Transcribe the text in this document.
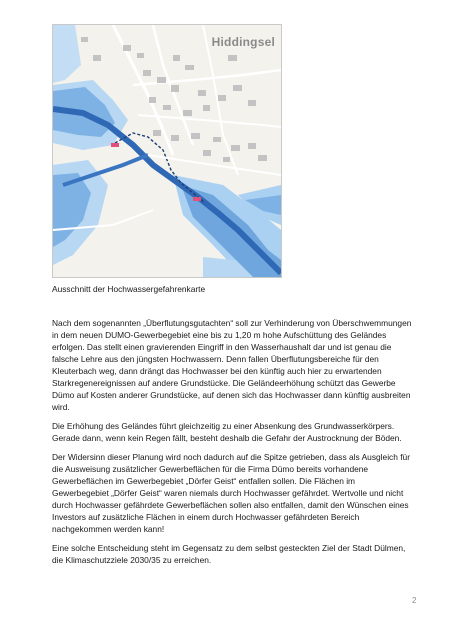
Hiddingsel
Ausschnitt der Hochwassergefahrenkarte

Nach dem sogenannten „Überflutungsgutachten“ soll zur Verhinderung von Überschwemmungen in dem neuen DUMO-Gewerbegebiet eine bis zu 1,20 m hohe Aufschüttung des Geländes erfolgen. Das stellt einen gravierenden Eingriff in den Wasserhaushalt dar und ist genau die falsche Lehre aus den jüngsten Hochwassern. Denn fallen Überflutungsbereiche für den Kleuterbach weg, dann drängt das Hochwasser bei den künftig auch hier zu erwartenden Starkregenereignissen auf andere Grundstücke. Die Geländeerhöhung schützt das Gewerbe Dümo auf Kosten anderer Grundstücke, auf denen sich das Hochwasser dann künftig ausbreiten wird.

Die Erhöhung des Geländes führt gleichzeitig zu einer Absenkung des Grundwasserkörpers. Gerade dann, wenn kein Regen fällt, besteht deshalb die Gefahr der Austrocknung der Böden.

Der Widersinn dieser Planung wird noch dadurch auf die Spitze getrieben, dass als Ausgleich für die Ausweisung zusätzlicher Gewerbeflächen für die Firma Dümo bereits vorhandene Gewerbeflächen im Gewerbegebiet „Dörfer Geist“ entfallen sollen. Die Flächen im Gewerbegebiet „Dörfer Geist“ waren niemals durch Hochwasser gefährdet. Wertvolle und nicht durch Hochwasser gefährdete Gewerbeflächen sollen also entfallen, damit den Wünschen eines Investors auf zusätzliche Flächen in einem durch Hochwasser gefährdeten Bereich nachgekommen werden kann!

Eine solche Entscheidung steht im Gegensatz zu dem selbst gesteckten Ziel der Stadt Dülmen, die Klimaschutzziele 2030/35 zu erreichen.

2
